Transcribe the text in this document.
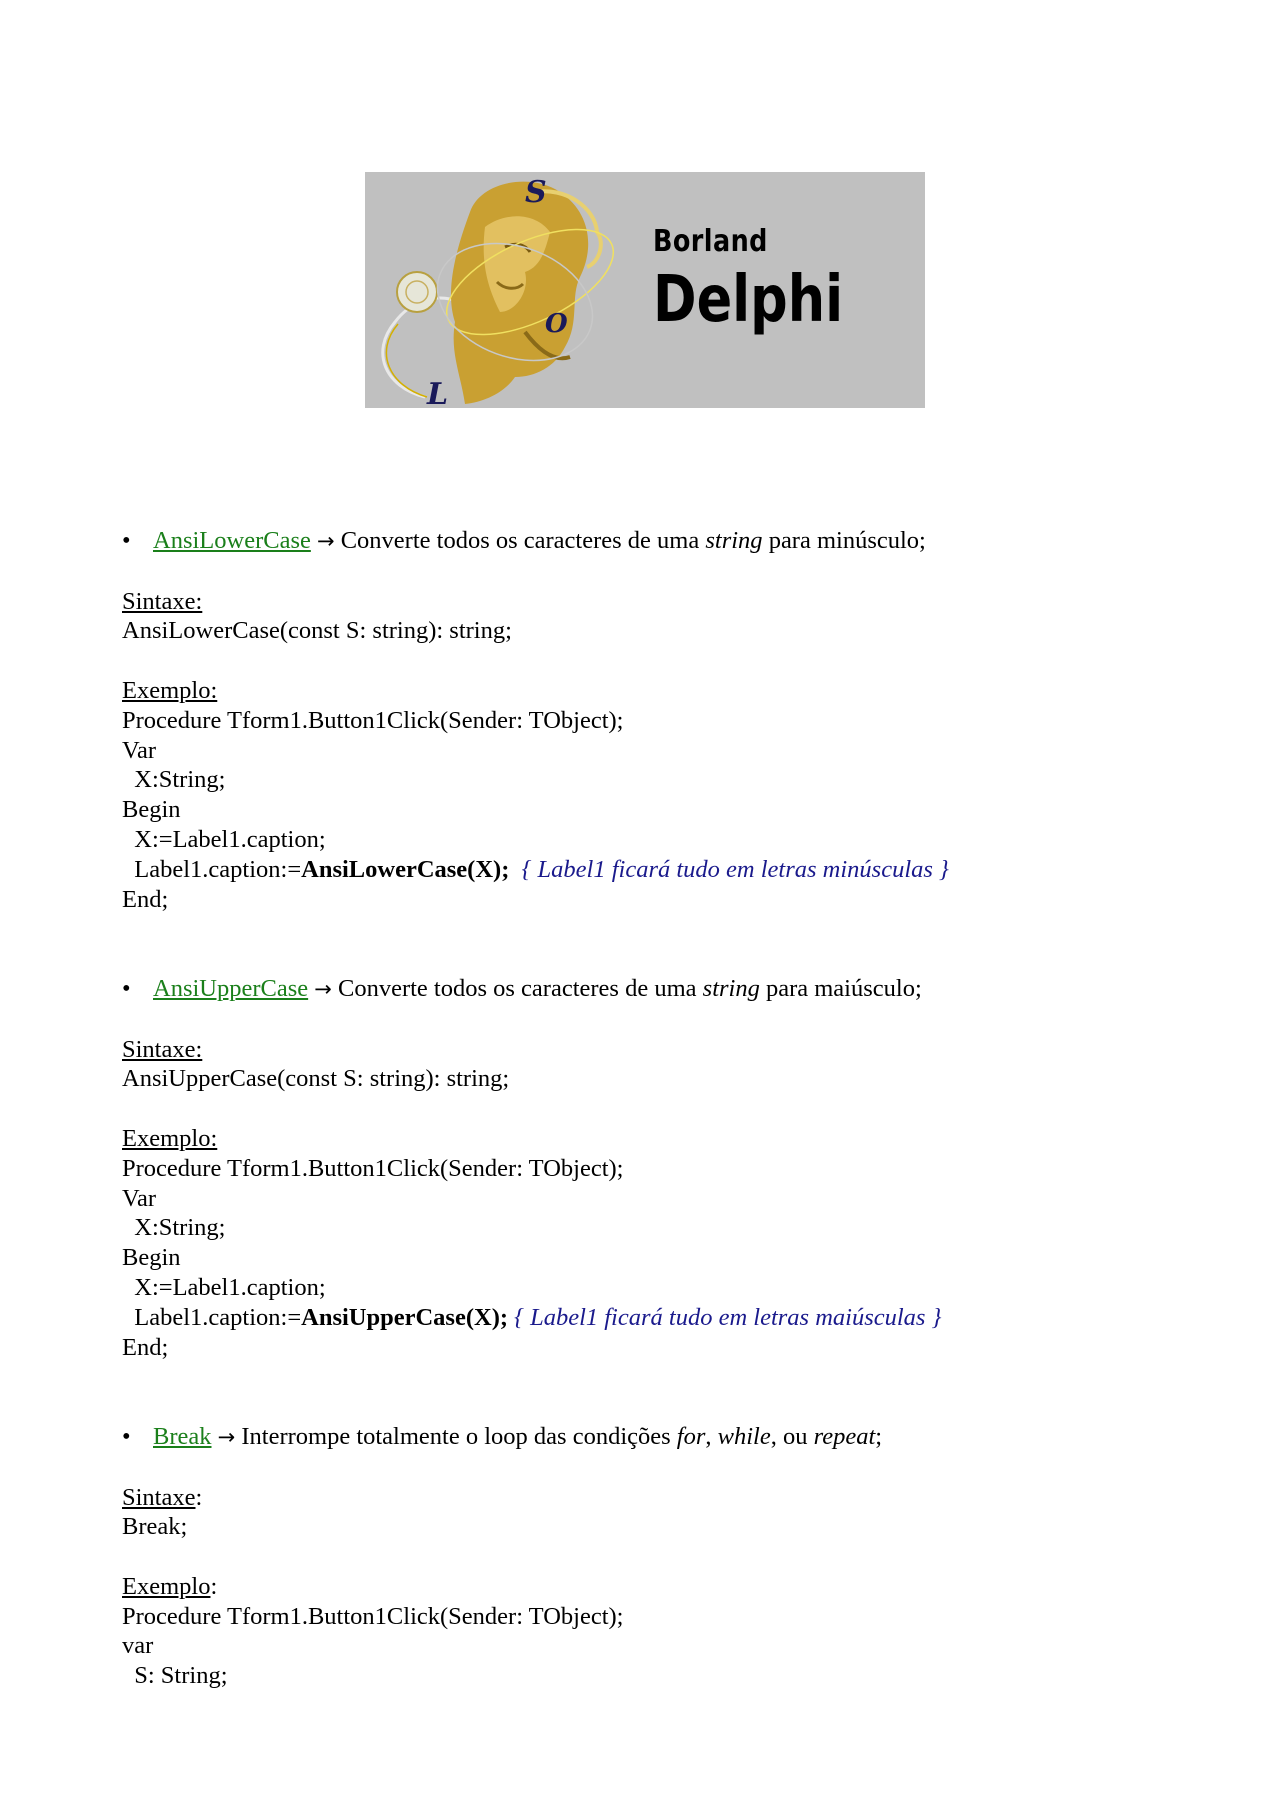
S
O
L
Borland
Delphi
• AnsiLowerCase → Converte todos os caracteres de uma string para minúsculo;
Sintaxe:
AnsiLowerCase(const S: string): string;
Exemplo:
Procedure Tform1.Button1Click(Sender: TObject);
Var
X:String;
Begin
X:=Label1.caption;
Label1.caption:=AnsiLowerCase(X); { Label1 ficará tudo em letras minúsculas }
End;
• AnsiUpperCase → Converte todos os caracteres de uma string para maiúsculo;
Sintaxe:
AnsiUpperCase(const S: string): string;
Exemplo:
Procedure Tform1.Button1Click(Sender: TObject);
Var
X:String;
Begin
X:=Label1.caption;
Label1.caption:=AnsiUpperCase(X); { Label1 ficará tudo em letras maiúsculas }
End;
• Break → Interrompe totalmente o loop das condições for, while, ou repeat;
Sintaxe:
Break;
Exemplo:
Procedure Tform1.Button1Click(Sender: TObject);
var
S: String;
